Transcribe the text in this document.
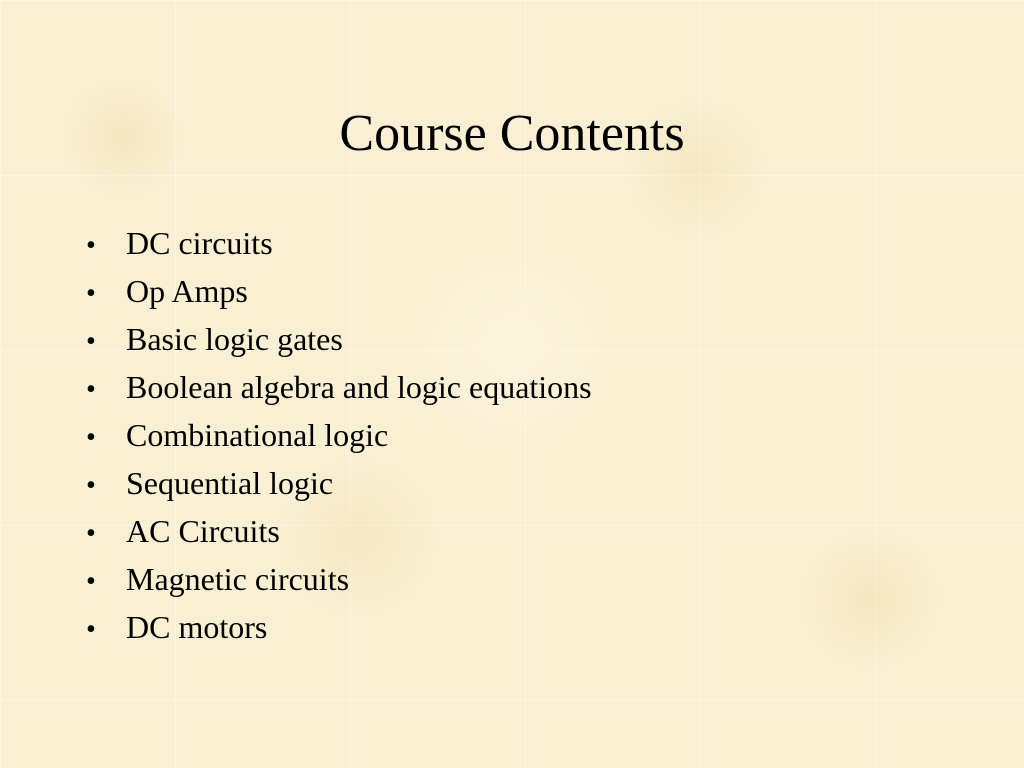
Course Contents
• DC circuits
• Op Amps
• Basic logic gates
• Boolean algebra and logic equations
• Combinational logic
• Sequential logic
• AC Circuits
• Magnetic circuits
• DC motors
